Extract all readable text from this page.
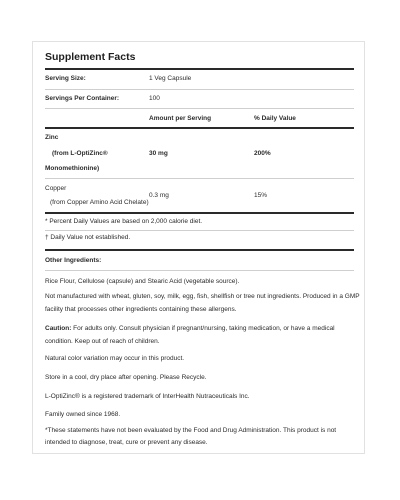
Supplement Facts
Serving Size:	1 Veg Capsule
Servings Per Container:	100
Amount per Serving	% Daily Value
Zinc
(from L-OptiZinc®	30 mg	200%
Monomethionine)
Copper
0.3 mg	15%
(from Copper Amino Acid Chelate)
* Percent Daily Values are based on 2,000 calorie diet.
† Daily Value not established.
Other Ingredients:
Rice Flour, Cellulose (capsule) and Stearic Acid (vegetable source).
Not manufactured with wheat, gluten, soy, milk, egg, fish, shellfish or tree nut ingredients. Produced in a GMP
facility that processes other ingredients containing these allergens.
Caution: For adults only. Consult physician if pregnant/nursing, taking medication, or have a medical
condition. Keep out of reach of children.
Natural color variation may occur in this product.
Store in a cool, dry place after opening. Please Recycle.
L-OptiZinc® is a registered trademark of InterHealth Nutraceuticals Inc.
Family owned since 1968.
*These statements have not been evaluated by the Food and Drug Administration. This product is not
intended to diagnose, treat, cure or prevent any disease.
